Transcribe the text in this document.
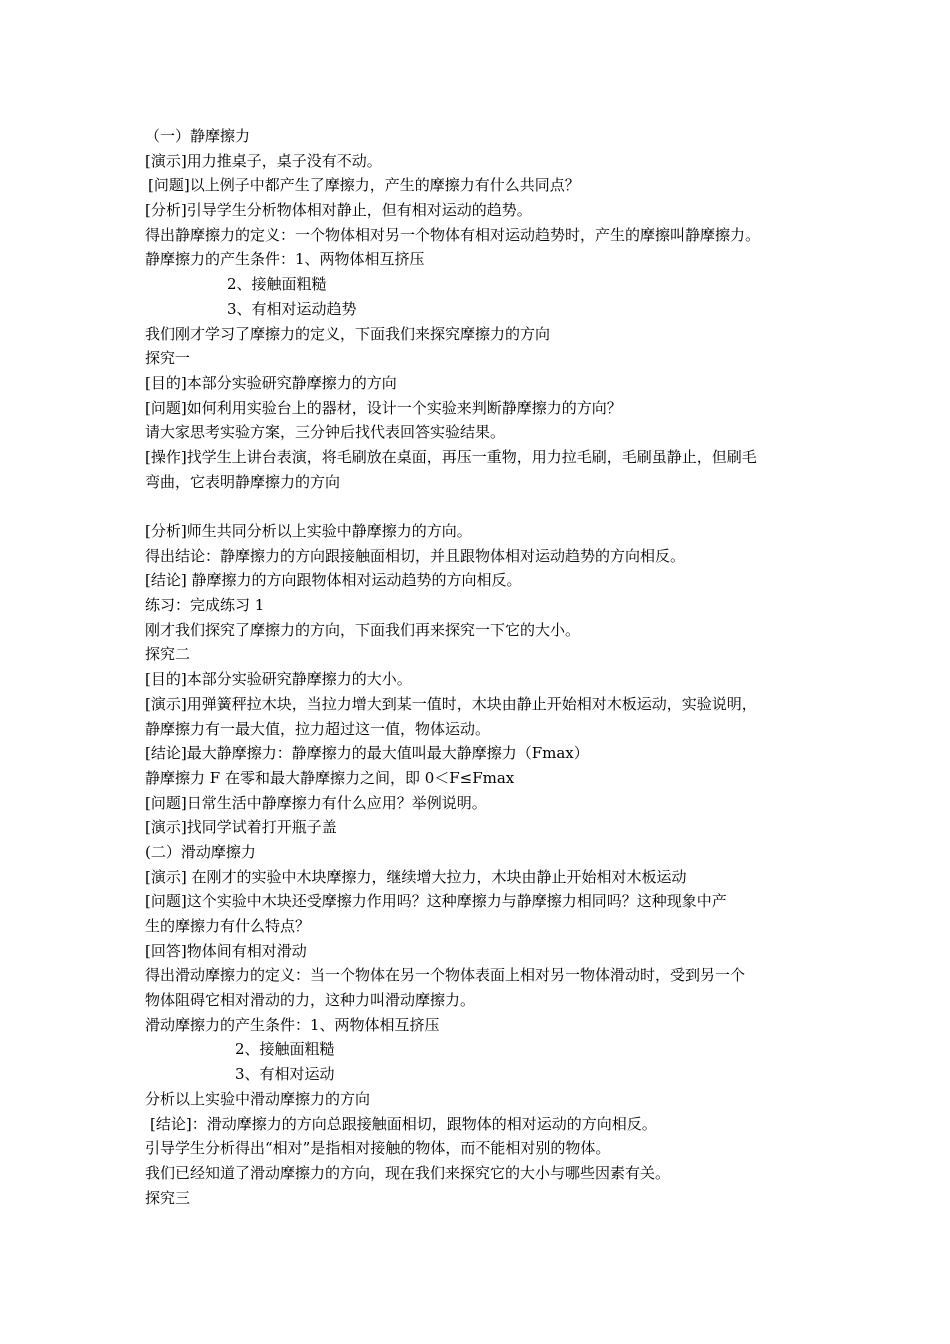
（一）静摩擦力
[演示]用力推桌子，桌子没有不动。
[问题]以上例子中都产生了摩擦力，产生的摩擦力有什么共同点？
[分析]引导学生分析物体相对静止，但有相对运动的趋势。
得出静摩擦力的定义：一个物体相对另一个物体有相对运动趋势时，产生的摩擦叫静摩擦力。
静摩擦力的产生条件：1、两物体相互挤压
2、接触面粗糙
3、有相对运动趋势
我们刚才学习了摩擦力的定义，下面我们来探究摩擦力的方向
探究一
[目的]本部分实验研究静摩擦力的方向
[问题]如何利用实验台上的器材，设计一个实验来判断静摩擦力的方向？
请大家思考实验方案，三分钟后找代表回答实验结果。
[操作]找学生上讲台表演，将毛刷放在桌面，再压一重物，用力拉毛刷，毛刷虽静止，但刷毛
弯曲，它表明静摩擦力的方向
[分析]师生共同分析以上实验中静摩擦力的方向。
得出结论：静摩擦力的方向跟接触面相切，并且跟物体相对运动趋势的方向相反。
[结论] 静摩擦力的方向跟物体相对运动趋势的方向相反。
练习：完成练习 1
刚才我们探究了摩擦力的方向，下面我们再来探究一下它的大小。
探究二
[目的]本部分实验研究静摩擦力的大小。
[演示]用弹簧秤拉木块，当拉力增大到某一值时，木块由静止开始相对木板运动，实验说明，
静摩擦力有一最大值，拉力超过这一值，物体运动。
[结论]最大静摩擦力：静摩擦力的最大值叫最大静摩擦力（Fmax）
静摩擦力 F 在零和最大静摩擦力之间，即 0＜F≤Fmax
[问题]日常生活中静摩擦力有什么应用？举例说明。
[演示]找同学试着打开瓶子盖
(二）滑动摩擦力
[演示] 在刚才的实验中木块摩擦力，继续增大拉力，木块由静止开始相对木板运动
[问题]这个实验中木块还受摩擦力作用吗？这种摩擦力与静摩擦力相同吗？这种现象中产
生的摩擦力有什么特点？
[回答]物体间有相对滑动
得出滑动摩擦力的定义：当一个物体在另一个物体表面上相对另一物体滑动时，受到另一个
物体阻碍它相对滑动的力，这种力叫滑动摩擦力。
滑动摩擦力的产生条件：1、两物体相互挤压
2、接触面粗糙
3、有相对运动
分析以上实验中滑动摩擦力的方向
[结论]：滑动摩擦力的方向总跟接触面相切，跟物体的相对运动的方向相反。
引导学生分析得出“相对”是指相对接触的物体，而不能相对别的物体。
我们已经知道了滑动摩擦力的方向，现在我们来探究它的大小与哪些因素有关。
探究三
